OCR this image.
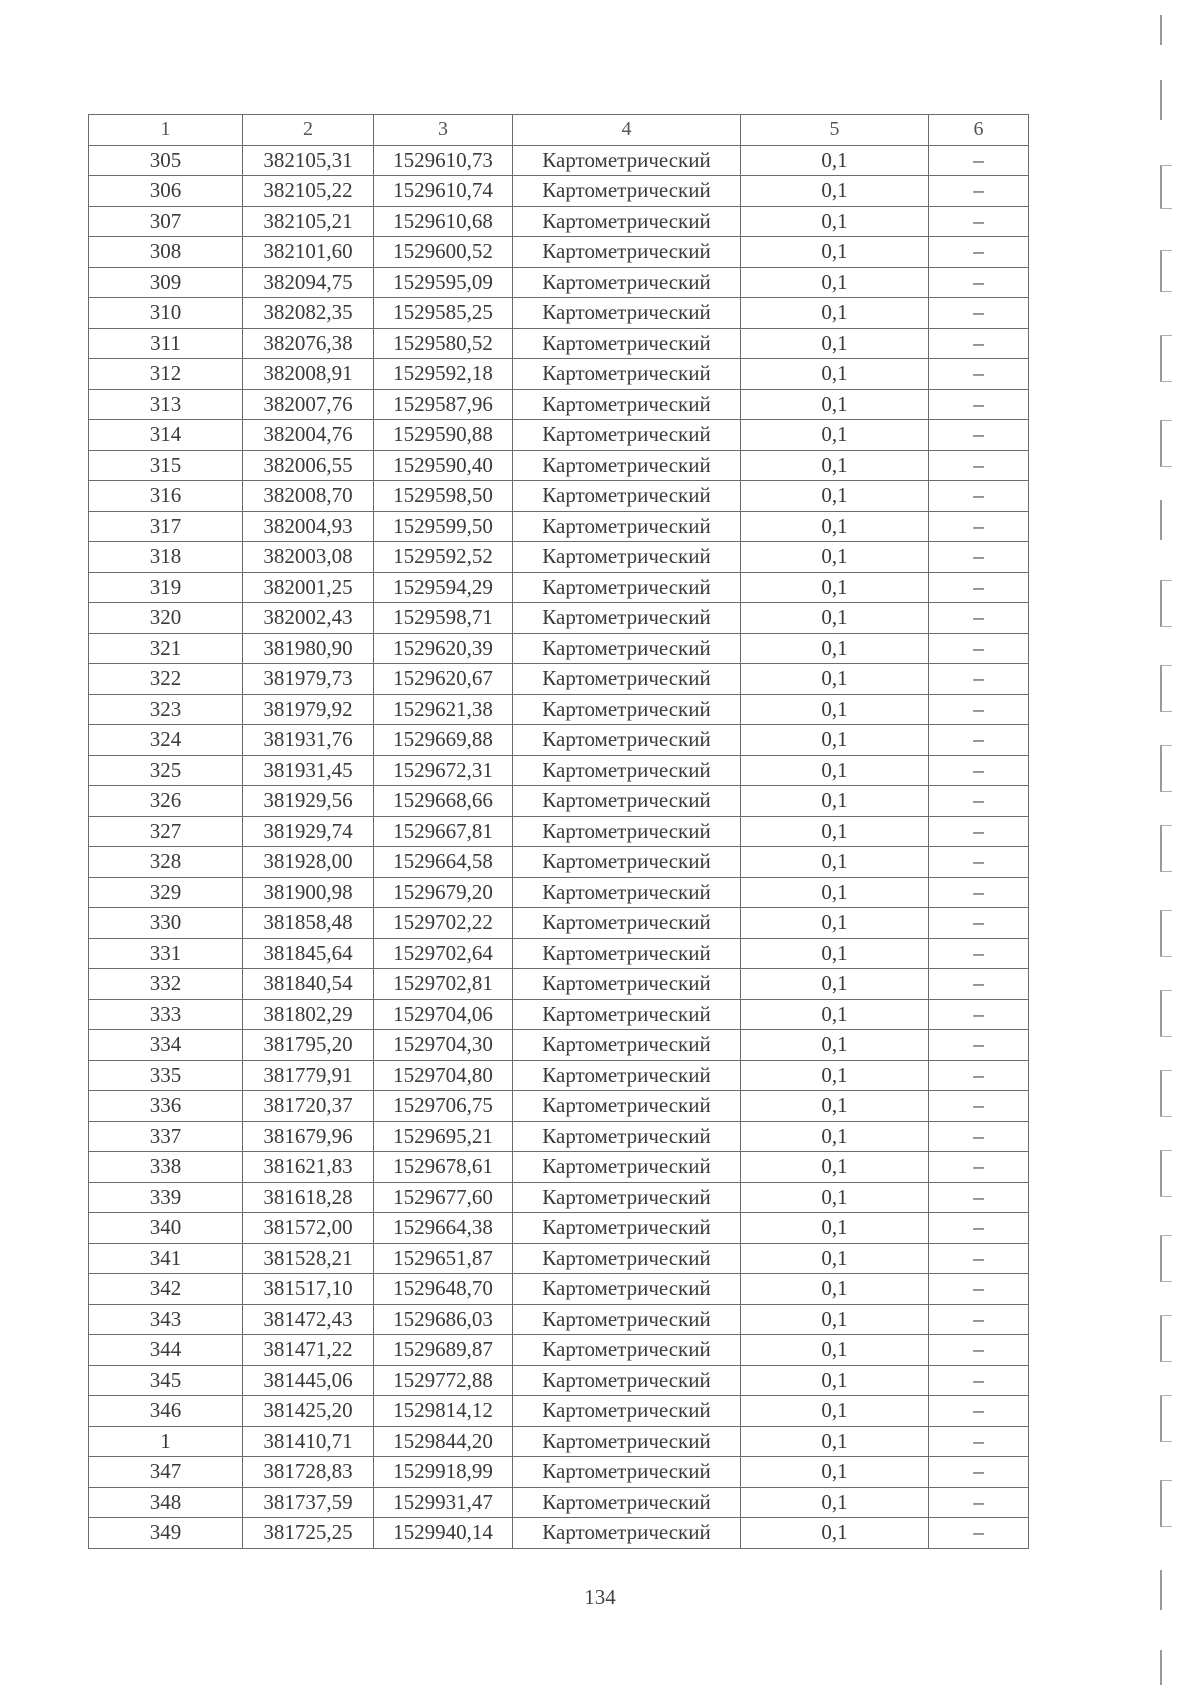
1	2	3	4	5	6
305	382105,31	1529610,73	Картометрический	0,1	–
306	382105,22	1529610,74	Картометрический	0,1	–
307	382105,21	1529610,68	Картометрический	0,1	–
308	382101,60	1529600,52	Картометрический	0,1	–
309	382094,75	1529595,09	Картометрический	0,1	–
310	382082,35	1529585,25	Картометрический	0,1	–
311	382076,38	1529580,52	Картометрический	0,1	–
312	382008,91	1529592,18	Картометрический	0,1	–
313	382007,76	1529587,96	Картометрический	0,1	–
314	382004,76	1529590,88	Картометрический	0,1	–
315	382006,55	1529590,40	Картометрический	0,1	–
316	382008,70	1529598,50	Картометрический	0,1	–
317	382004,93	1529599,50	Картометрический	0,1	–
318	382003,08	1529592,52	Картометрический	0,1	–
319	382001,25	1529594,29	Картометрический	0,1	–
320	382002,43	1529598,71	Картометрический	0,1	–
321	381980,90	1529620,39	Картометрический	0,1	–
322	381979,73	1529620,67	Картометрический	0,1	–
323	381979,92	1529621,38	Картометрический	0,1	–
324	381931,76	1529669,88	Картометрический	0,1	–
325	381931,45	1529672,31	Картометрический	0,1	–
326	381929,56	1529668,66	Картометрический	0,1	–
327	381929,74	1529667,81	Картометрический	0,1	–
328	381928,00	1529664,58	Картометрический	0,1	–
329	381900,98	1529679,20	Картометрический	0,1	–
330	381858,48	1529702,22	Картометрический	0,1	–
331	381845,64	1529702,64	Картометрический	0,1	–
332	381840,54	1529702,81	Картометрический	0,1	–
333	381802,29	1529704,06	Картометрический	0,1	–
334	381795,20	1529704,30	Картометрический	0,1	–
335	381779,91	1529704,80	Картометрический	0,1	–
336	381720,37	1529706,75	Картометрический	0,1	–
337	381679,96	1529695,21	Картометрический	0,1	–
338	381621,83	1529678,61	Картометрический	0,1	–
339	381618,28	1529677,60	Картометрический	0,1	–
340	381572,00	1529664,38	Картометрический	0,1	–
341	381528,21	1529651,87	Картометрический	0,1	–
342	381517,10	1529648,70	Картометрический	0,1	–
343	381472,43	1529686,03	Картометрический	0,1	–
344	381471,22	1529689,87	Картометрический	0,1	–
345	381445,06	1529772,88	Картометрический	0,1	–
346	381425,20	1529814,12	Картометрический	0,1	–
1	381410,71	1529844,20	Картометрический	0,1	–
347	381728,83	1529918,99	Картометрический	0,1	–
348	381737,59	1529931,47	Картометрический	0,1	–
349	381725,25	1529940,14	Картометрический	0,1	–
134
